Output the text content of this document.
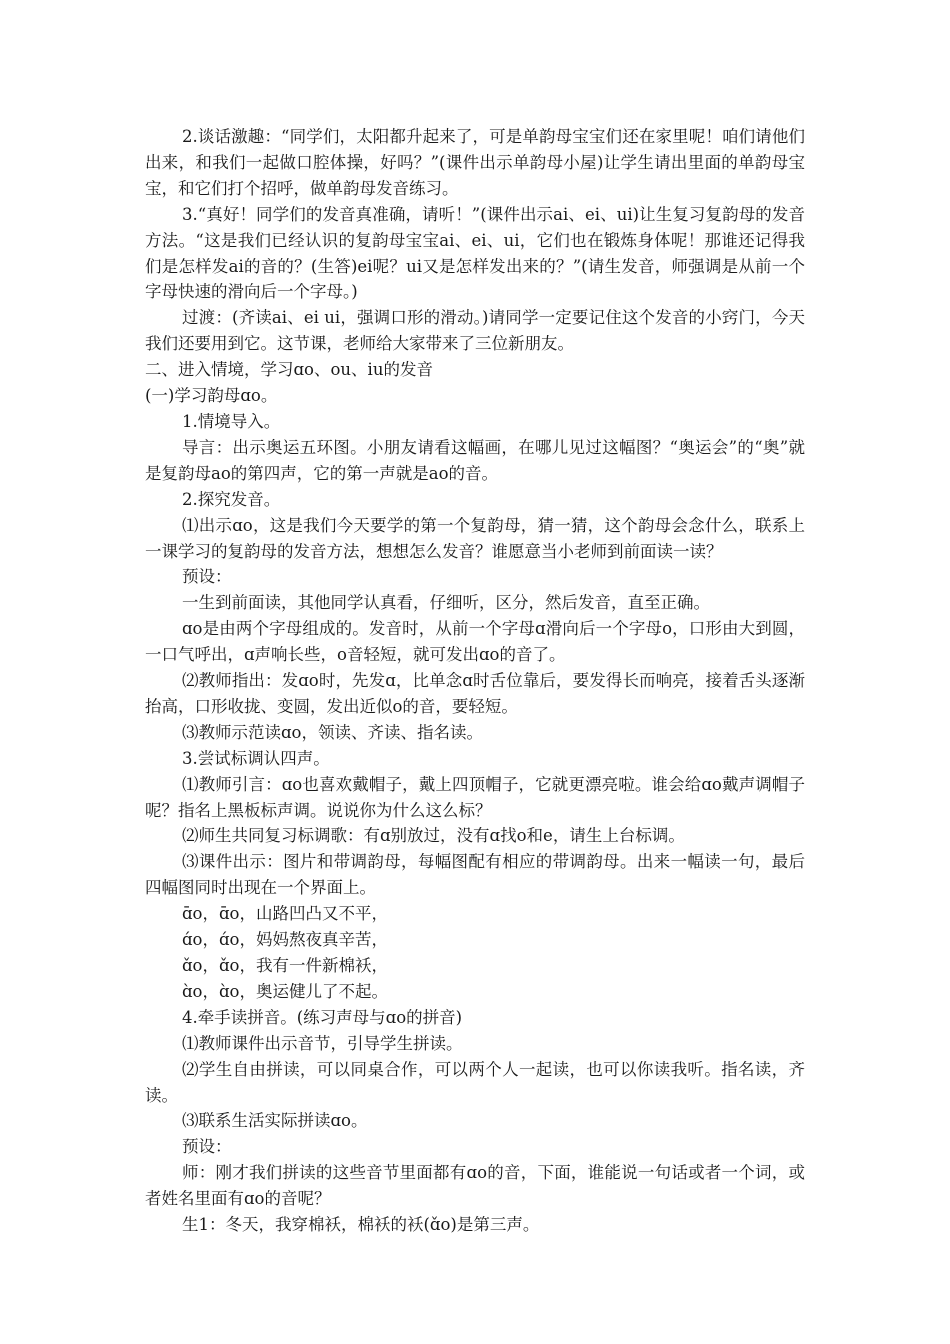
2.谈话激趣：“同学们，太阳都升起来了，可是单韵母宝宝们还在家里呢！咱们请他们出来，和我们一起做口腔体操，好吗？”(课件出示单韵母小屋)让学生请出里面的单韵母宝宝，和它们打个招呼，做单韵母发音练习。

3.“真好！同学们的发音真准确，请听！”(课件出示ai、ei、ui)让生复习复韵母的发音方法。“这是我们已经认识的复韵母宝宝ai、ei、ui，它们也在锻炼身体呢！那谁还记得我们是怎样发ai的音的？(生答)ei呢？ui又是怎样发出来的？”(请生发音，师强调是从前一个字母快速的滑向后一个字母。)

过渡：(齐读ai、ei ui，强调口形的滑动。)请同学一定要记住这个发音的小窍门，今天我们还要用到它。这节课，老师给大家带来了三位新朋友。

二、进入情境，学习ɑo、ou、iu的发音

(一)学习韵母ɑo。

1.情境导入。

导言：出示奥运五环图。小朋友请看这幅画，在哪儿见过这幅图？“奥运会”的“奥”就是复韵母ao的第四声，它的第一声就是ao的音。

2.探究发音。

⑴出示ɑo，这是我们今天要学的第一个复韵母，猜一猜，这个韵母会念什么，联系上一课学习的复韵母的发音方法，想想怎么发音？谁愿意当小老师到前面读一读？

预设：

一生到前面读，其他同学认真看，仔细听，区分，然后发音，直至正确。

ɑo是由两个字母组成的。发音时，从前一个字母ɑ滑向后一个字母o，口形由大到圆，一口气呼出，ɑ声响长些，o音轻短，就可发出ɑo的音了。

⑵教师指出：发ɑo时，先发ɑ，比单念ɑ时舌位靠后，要发得长而响亮，接着舌头逐渐抬高，口形收拢、变圆，发出近似o的音，要轻短。

⑶教师示范读ɑo，领读、齐读、指名读。

3.尝试标调认四声。

⑴教师引言：ɑo也喜欢戴帽子，戴上四顶帽子，它就更漂亮啦。谁会给ɑo戴声调帽子呢？指名上黑板标声调。说说你为什么这么标？

⑵师生共同复习标调歌：有ɑ别放过，没有ɑ找o和e，请生上台标调。

⑶课件出示：图片和带调韵母，每幅图配有相应的带调韵母。出来一幅读一句，最后四幅图同时出现在一个界面上。

ɑ̄o，ɑ̄o，山路凹凸又不平，

ɑ́o，ɑ́o，妈妈熬夜真辛苦，

ɑ̌o，ɑ̌o，我有一件新棉袄，

ɑ̀o，ɑ̀o，奥运健儿了不起。

4.牵手读拼音。(练习声母与ɑo的拼音)

⑴教师课件出示音节，引导学生拼读。

⑵学生自由拼读，可以同桌合作，可以两个人一起读，也可以你读我听。指名读，齐读。

⑶联系生活实际拼读ɑo。

预设：

师：刚才我们拼读的这些音节里面都有ɑo的音，下面，谁能说一句话或者一个词，或者姓名里面有ɑo的音呢？

生1：冬天，我穿棉袄，棉袄的袄(ɑ̌o)是第三声。
